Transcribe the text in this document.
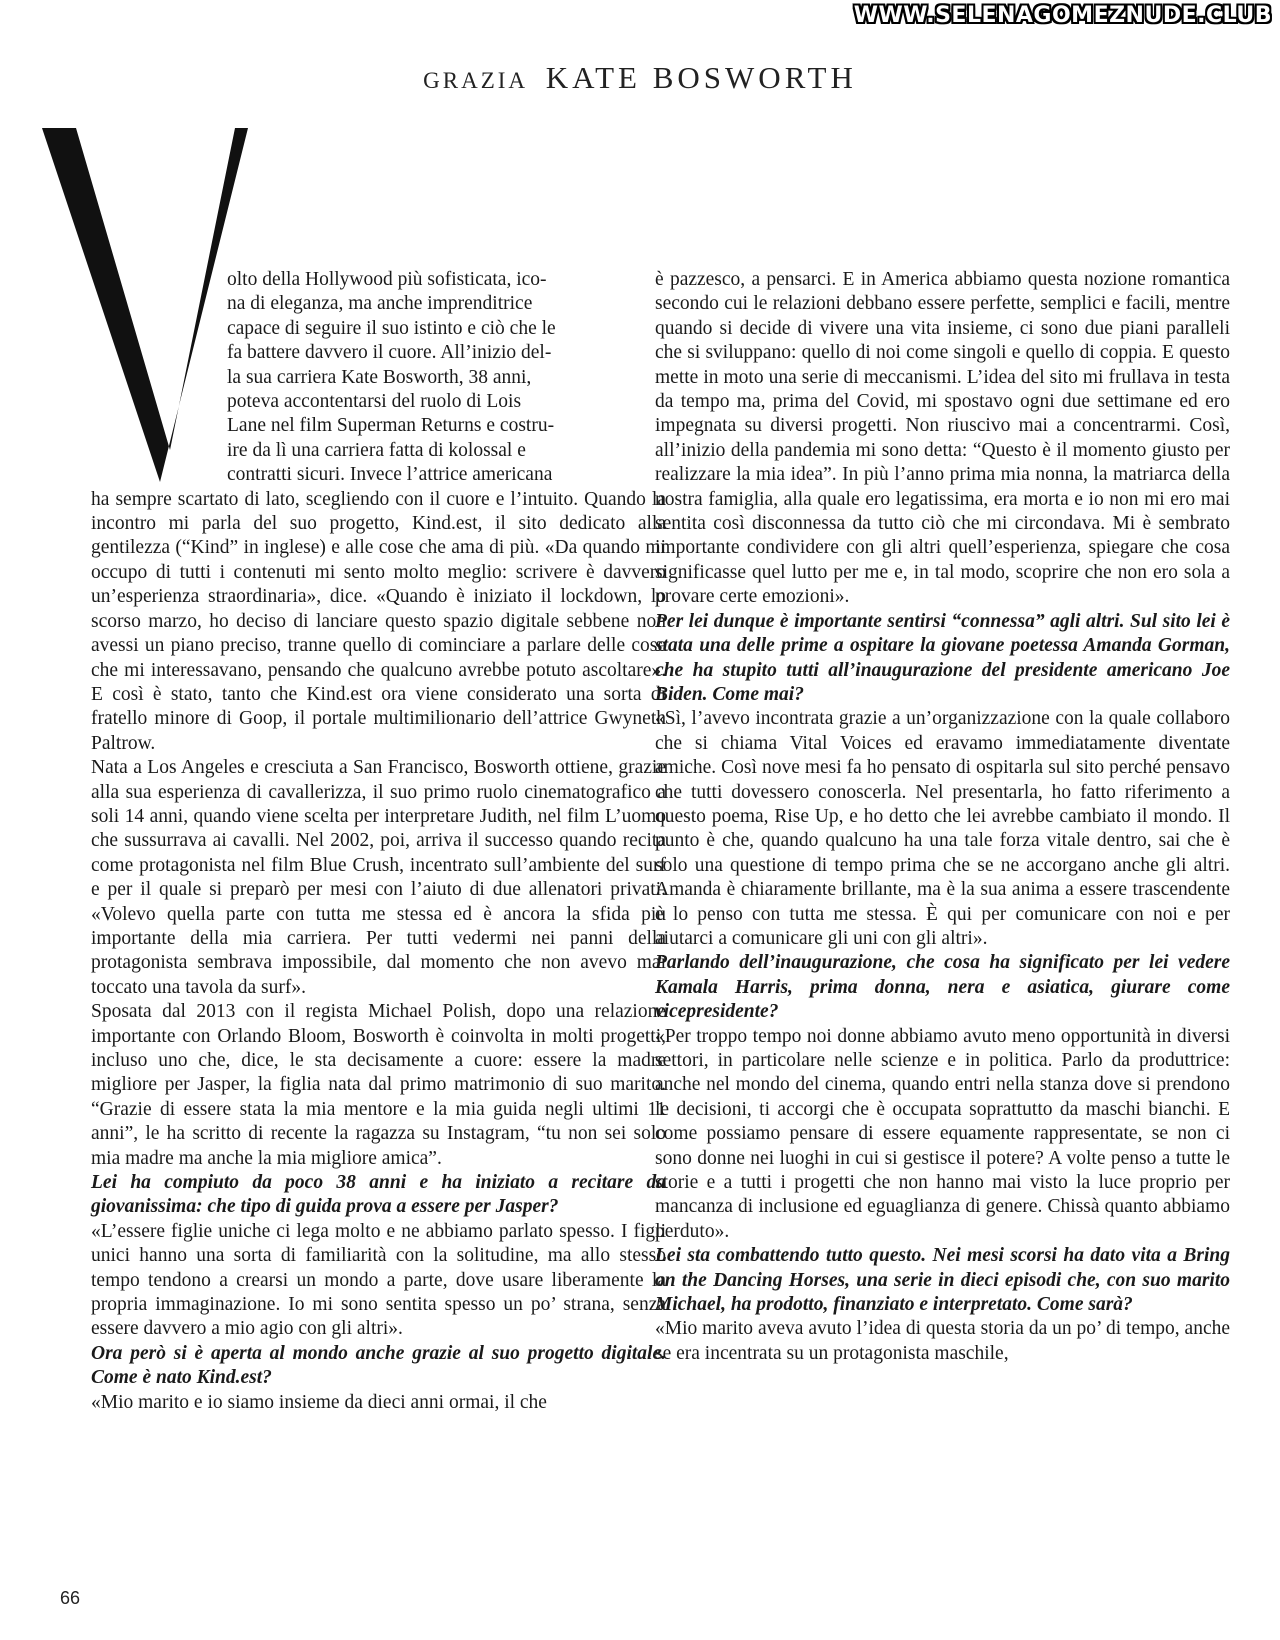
WWW.SELENAGOMEZNUDE.CLUB
GRAZIA KATE BOSWORTH

olto della Hollywood più sofisticata, ico-

na di eleganza, ma anche imprenditrice

capace di seguire il suo istinto e ciò che le

fa battere davvero il cuore. All’inizio del-

la sua carriera Kate Bosworth, 38 anni,

poteva accontentarsi del ruolo di Lois

Lane nel film Superman Returns e costru-

ire da lì una carriera fatta di kolossal e

contratti sicuri. Invece l’attrice americana

ha sempre scartato di lato, scegliendo con il cuore e l’intuito. Quando la incontro mi parla del suo progetto, Kind.est, il sito dedicato alla gentilezza (“Kind” in inglese) e alle cose che ama di più. «Da quando mi occupo di tutti i contenuti mi sento molto meglio: scrivere è davvero un’esperienza straordinaria», dice. «Quando è iniziato il lockdown, lo scorso marzo, ho deciso di lanciare questo spazio digitale sebbene non avessi un piano preciso, tranne quello di cominciare a parlare delle cose che mi interessavano, pensando che qualcuno avrebbe potuto ascoltare». E così è stato, tanto che Kind.est ora viene considerato una sorta di fratello minore di Goop, il portale multimilionario dell’attrice Gwyneth Paltrow.

Nata a Los Angeles e cresciuta a San Francisco, Bosworth ottiene, grazie alla sua esperienza di cavallerizza, il suo primo ruolo cinematografico a soli 14 anni, quando viene scelta per interpretare Judith, nel film L’uomo che sussurrava ai cavalli. Nel 2002, poi, arriva il successo quando recita come protagonista nel film Blue Crush, incentrato sull’ambiente del surf e per il quale si preparò per mesi con l’aiuto di due allenatori privati. «Volevo quella parte con tutta me stessa ed è ancora la sfida più importante della mia carriera. Per tutti vedermi nei panni della protagonista sembrava impossibile, dal momento che non avevo mai toccato una tavola da surf».

Sposata dal 2013 con il regista Michael Polish, dopo una relazione importante con Orlando Bloom, Bosworth è coinvolta in molti progetti, incluso uno che, dice, le sta decisamente a cuore: essere la madre migliore per Jasper, la figlia nata dal primo matrimonio di suo marito. “Grazie di essere stata la mia mentore e la mia guida negli ultimi 11 anni”, le ha scritto di recente la ragazza su Instagram, “tu non sei solo mia madre ma anche la mia migliore amica”.

Lei ha compiuto da poco 38 anni e ha iniziato a recitare da giovanissima: che tipo di guida prova a essere per Jasper?

«L’essere figlie uniche ci lega molto e ne abbiamo parlato spesso. I figli unici hanno una sorta di familiarità con la solitudine, ma allo stesso tempo tendono a crearsi un mondo a parte, dove usare liberamente la propria immaginazione. Io mi sono sentita spesso un po’ strana, senza essere davvero a mio agio con gli altri».

Ora però si è aperta al mondo anche grazie al suo progetto digitale. Come è nato Kind.est?

«Mio marito e io siamo insieme da dieci anni ormai, il che

è pazzesco, a pensarci. E in America abbiamo questa nozione romantica secondo cui le relazioni debbano essere perfette, semplici e facili, mentre quando si decide di vivere una vita insieme, ci sono due piani paralleli che si sviluppano: quello di noi come singoli e quello di coppia. E questo mette in moto una serie di meccanismi. L’idea del sito mi frullava in testa da tempo ma, prima del Covid, mi spostavo ogni due settimane ed ero impegnata su diversi progetti. Non riuscivo mai a concentrarmi. Così, all’inizio della pandemia mi sono detta: “Questo è il momento giusto per realizzare la mia idea”. In più l’anno prima mia nonna, la matriarca della nostra famiglia, alla quale ero legatissima, era morta e io non mi ero mai sentita così disconnessa da tutto ciò che mi circondava. Mi è sembrato importante condividere con gli altri quell’esperienza, spiegare che cosa significasse quel lutto per me e, in tal modo, scoprire che non ero sola a provare certe emozioni».

Per lei dunque è importante sentirsi “connessa” agli altri. Sul sito lei è stata una delle prime a ospitare la giovane poetessa Amanda Gorman, che ha stupito tutti all’inaugurazione del presidente americano Joe Biden. Come mai?

«Sì, l’avevo incontrata grazie a un’organizzazione con la quale collaboro che si chiama Vital Voices ed eravamo immediatamente diventate amiche. Così nove mesi fa ho pensato di ospitarla sul sito perché pensavo che tutti dovessero conoscerla. Nel presentarla, ho fatto riferimento a questo poema, Rise Up, e ho detto che lei avrebbe cambiato il mondo. Il punto è che, quando qualcuno ha una tale forza vitale dentro, sai che è solo una questione di tempo prima che se ne accorgano anche gli altri. Amanda è chiaramente brillante, ma è la sua anima a essere trascendente e lo penso con tutta me stessa. È qui per comunicare con noi e per aiutarci a comunicare gli uni con gli altri».

Parlando dell’inaugurazione, che cosa ha significato per lei vedere Kamala Harris, prima donna, nera e asiatica, giurare come vicepresidente?

«Per troppo tempo noi donne abbiamo avuto meno opportunità in diversi settori, in particolare nelle scienze e in politica. Parlo da produttrice: anche nel mondo del cinema, quando entri nella stanza dove si prendono le decisioni, ti accorgi che è occupata soprattutto da maschi bianchi. E come possiamo pensare di essere equamente rappresentate, se non ci sono donne nei luoghi in cui si gestisce il potere? A volte penso a tutte le storie e a tutti i progetti che non hanno mai visto la luce proprio per mancanza di inclusione ed eguaglianza di genere. Chissà quanto abbiamo perduto».

Lei sta combattendo tutto questo. Nei mesi scorsi ha dato vita a Bring on the Dancing Horses, una serie in dieci episodi che, con suo marito Michael, ha prodotto, finanziato e interpretato. Come sarà?

«Mio marito aveva avuto l’idea di questa storia da un po’ di tempo, anche se era incentrata su un protagonista maschile,

66
